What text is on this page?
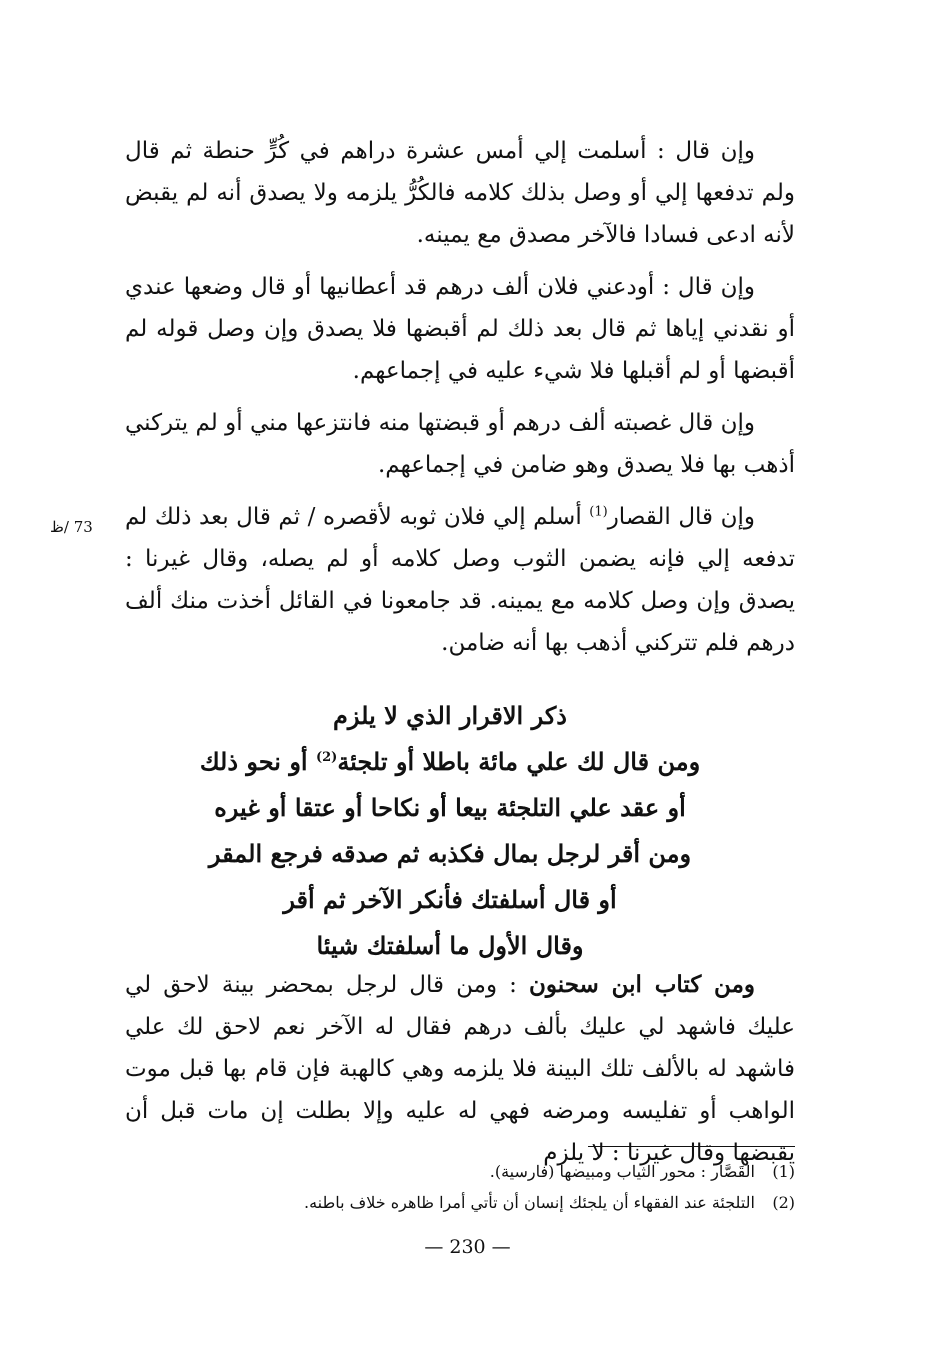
وإن قال : أسلمت إلي أمس عشرة دراهم في كُرٍّ حنطة ثم قال ولم تدفعها إلي أو وصل بذلك كلامه فالكُرُّ يلزمه ولا يصدق أنه لم يقبض لأنه ادعى فسادا فالآخر مصدق مع يمينه.

وإن قال : أودعني فلان ألف درهم قد أعطانيها أو قال وضعها عندي أو نقدني إياها ثم قال بعد ذلك لم أقبضها فلا يصدق وإن وصل قوله لم أقبضها أو لم أقبلها فلا شيء عليه في إجماعهم.

وإن قال غصبته ألف درهم أو قبضتها منه فانتزعها مني أو لم يتركني أذهب بها فلا يصدق وهو ضامن في إجماعهم.

وإن قال القصار$^{(1)}$ أسلم إلي فلان ثوبه لأقصره / ثم قال بعد ذلك لم تدفعه إلي فإنه يضمن الثوب وصل كلامه أو لم يصله، وقال غيرنا : يصدق وإن وصل كلامه مع يمينه. قد جامعونا في القائل أخذت منك ألف درهم فلم تتركني أذهب بها أنه ضامن.

73 /ظ

ذكر الاقرار الذي لا يلزم

ومن قال لك علي مائة باطلا أو تلجئة$^{(2)}$ أو نحو ذلك

أو عقد علي التلجئة بيعا أو نكاحا أو عتقا أو غيره

ومن أقر لرجل بمال فكذبه ثم صدقه فرجع المقر

أو قال أسلفتك فأنكر الآخر ثم أقر

وقال الأول ما أسلفتك شيئا

ومن كتاب ابن سحنون : ومن قال لرجل بمحضر بينة لاحق لي عليك فاشهد لي عليك بألف درهم فقال له الآخر نعم لاحق لك علي فاشهد له بالألف تلك البينة فلا يلزمه وهي كالهبة فإن قام بها قبل موت الواهب أو تفليسه ومرضه فهي له عليه وإلا بطلت إن مات قبل أن يقبضها وقال غيرنا : لا يلزم

(1)القَصَّار : محور الثياب ومبيضها (فارسية).

(2)التلجئة عند الفقهاء أن يلجئك إنسان أن تأتي أمرا ظاهره خلاف باطنه.

— 230 —
